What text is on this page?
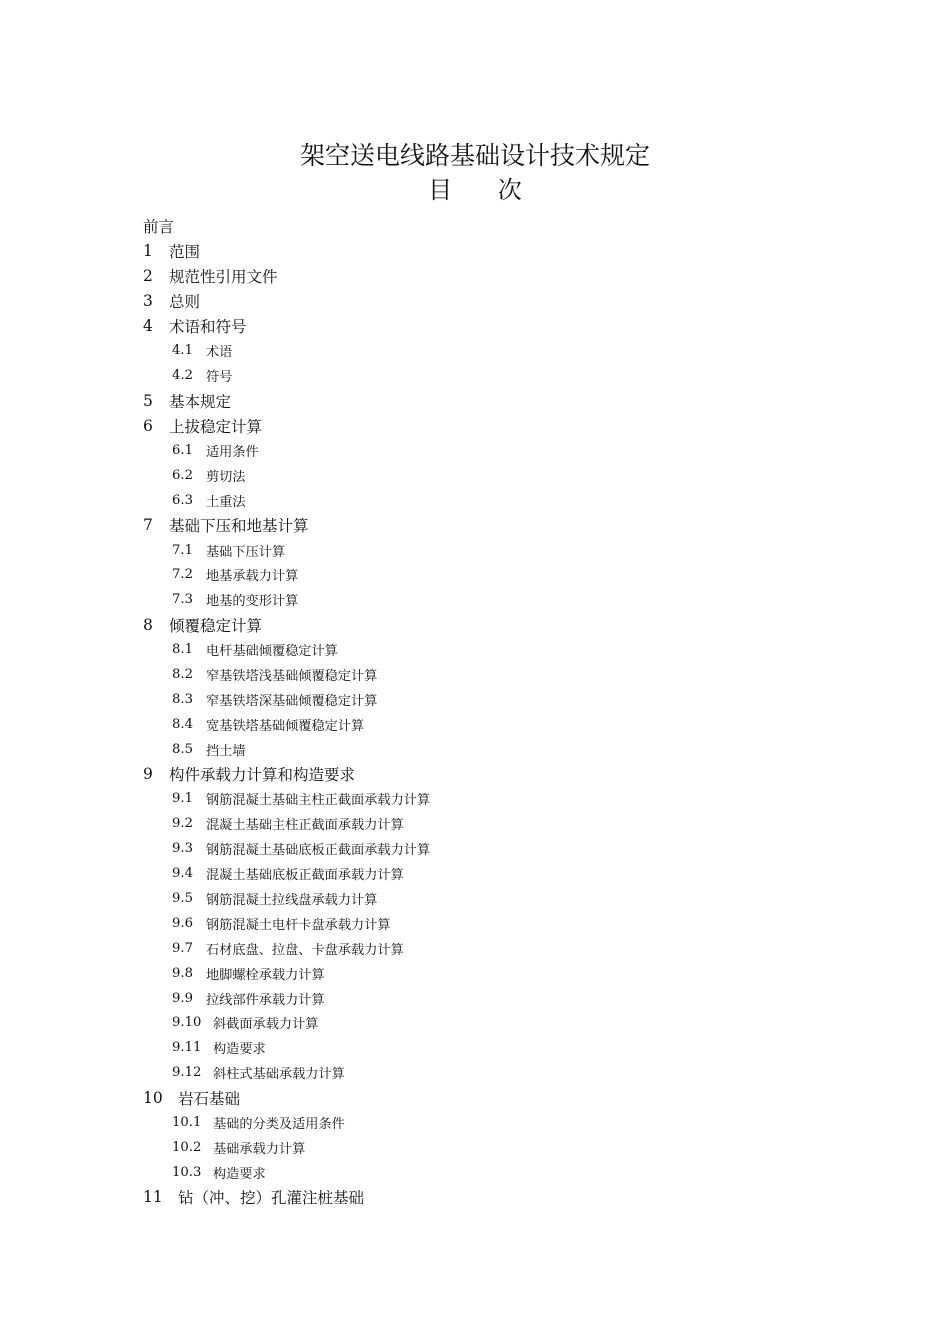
架空送电线路基础设计技术规定
目 次
前言
1	范围
2	规范性引用文件
3	总则
4	术语和符号
4.1 术语
4.2 符号
5	基本规定
6	上拔稳定计算
6.1 适用条件
6.2 剪切法
6.3 土重法
7	基础下压和地基计算
7.1 基础下压计算
7.2 地基承载力计算
7.3 地基的变形计算
8	倾覆稳定计算
8.1 电杆基础倾覆稳定计算
8.2 窄基铁塔浅基础倾覆稳定计算
8.3 窄基铁塔深基础倾覆稳定计算
8.4 宽基铁塔基础倾覆稳定计算
8.5 挡土墙
9	构件承载力计算和构造要求
9.1 钢筋混凝土基础主柱正截面承载力计算
9.2 混凝土基础主柱正截面承载力计算
9.3 钢筋混凝土基础底板正截面承载力计算
9.4 混凝土基础底板正截面承载力计算
9.5 钢筋混凝土拉线盘承载力计算
9.6 钢筋混凝土电杆卡盘承载力计算
9.7 石材底盘、拉盘、卡盘承载力计算
9.8 地脚螺栓承载力计算
9.9 拉线部件承载力计算
9.10 斜截面承载力计算
9.11 构造要求
9.12 斜柱式基础承载力计算
10 岩石基础
10.1 基础的分类及适用条件
10.2 基础承载力计算
10.3 构造要求
11 钻（冲、挖）孔灌注桩基础
